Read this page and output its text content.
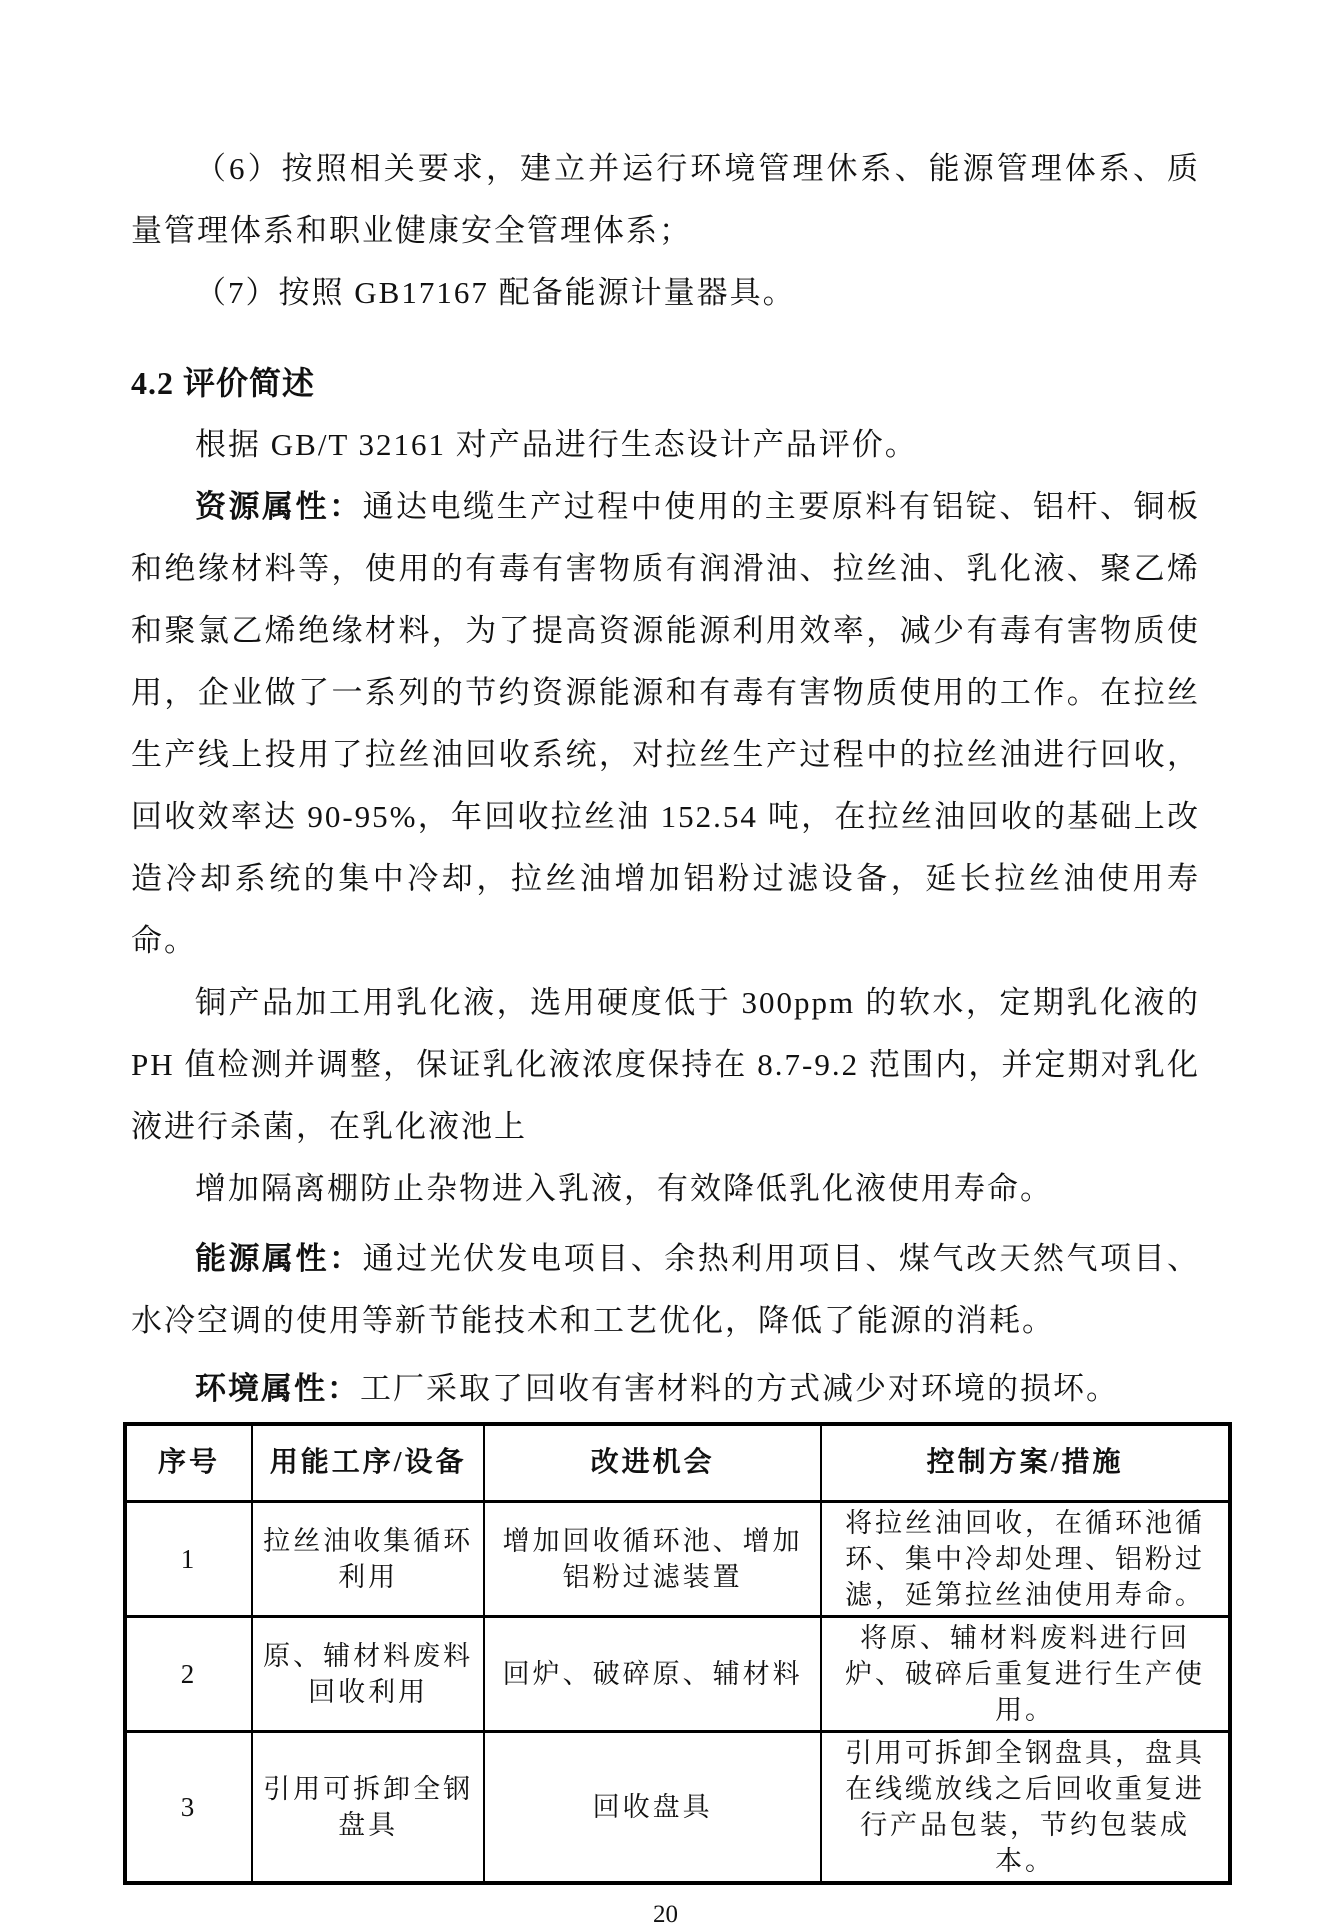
（6）按照相关要求，建立并运行环境管理休系、能源管理体系、质量管理体系和职业健康安全管理体系；

（7）按照 GB17167 配备能源计量器具。

4.2 评价简述

根据 GB/T 32161 对产品进行生态设计产品评价。

资源属性：通达电缆生产过程中使用的主要原料有铝锭、铝杆、铜板和绝缘材料等，使用的有毒有害物质有润滑油、拉丝油、乳化液、聚乙烯和聚氯乙烯绝缘材料，为了提高资源能源利用效率，减少有毒有害物质使用，企业做了一系列的节约资源能源和有毒有害物质使用的工作。在拉丝生产线上投用了拉丝油回收系统，对拉丝生产过程中的拉丝油进行回收，回收效率达 90-95%，年回收拉丝油 152.54 吨，在拉丝油回收的基础上改造冷却系统的集中冷却，拉丝油增加铝粉过滤设备，延长拉丝油使用寿命。

铜产品加工用乳化液，选用硬度低于 300ppm 的软水，定期乳化液的PH 值检测并调整，保证乳化液浓度保持在 8.7-9.2 范围内，并定期对乳化液进行杀菌，在乳化液池上

增加隔离棚防止杂物进入乳液，有效降低乳化液使用寿命。

能源属性：通过光伏发电项目、余热利用项目、煤气改天然气项目、水冷空调的使用等新节能技术和工艺优化，降低了能源的消耗。

环境属性：工厂采取了回收有害材料的方式减少对环境的损坏。

序号	用能工序/设备	改进机会	控制方案/措施
1	拉丝油收集循环利用	增加回收循环池、增加铝粉过滤装置	将拉丝油回收，在循环池循环、集中冷却处理、铝粉过滤，延第拉丝油使用寿命。
2	原、辅材料废料回收利用	回炉、破碎原、辅材料	将原、辅材料废料进行回炉、破碎后重复进行生产使用。
3	引用可拆卸全钢盘具	回收盘具	引用可拆卸全钢盘具，盘具在线缆放线之后回收重复进行产品包装，节约包装成本。
20
